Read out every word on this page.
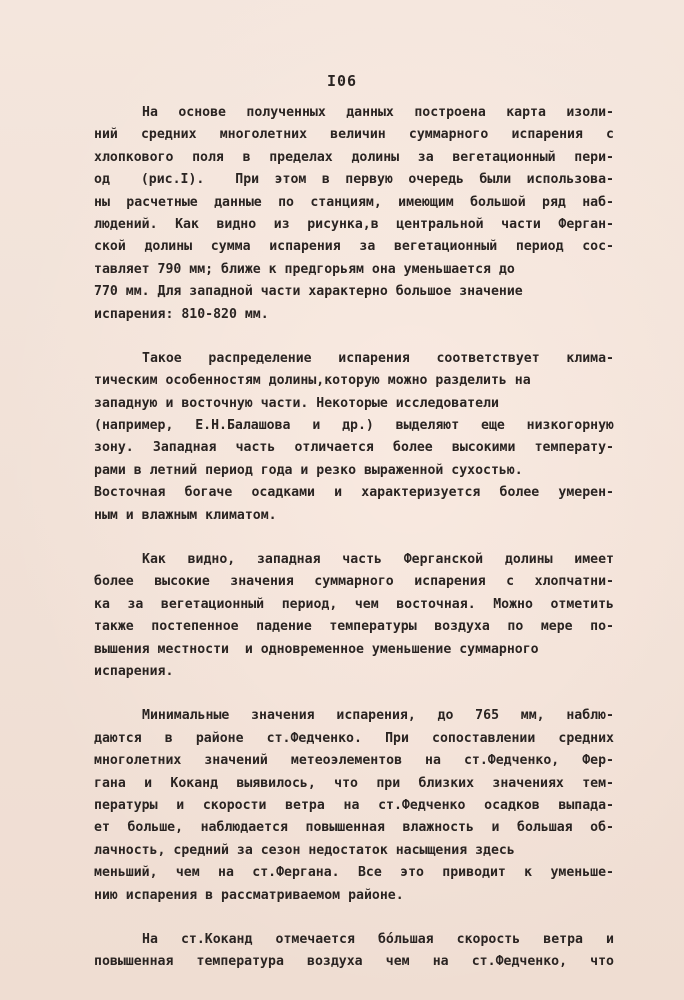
I06
На основе полученных данных построена карта изоли-
ний средних многолетних величин суммарного испарения с
хлопкового поля в пределах долины за вегетационный пери-
од  (рис.I).  При этом в первую очередь были использова-
ны расчетные данные по станциям, имеющим большой ряд наб-
людений. Как видно из рисунка,в центральной части Ферган-
ской долины сумма испарения за вегетационный период сос-
тавляет 790 мм; ближе к предгорьям она уменьшается до
770 мм. Для западной части характерно большое значение
испарения: 810-820 мм.
Такое распределение испарения соответствует клима-
тическим особенностям долины,которую можно разделить на
западную и восточную части. Некоторые исследователи
(например, Е.Н.Балашова и др.) выделяют еще низкогорную
зону. Западная часть отличается более высокими температу-
рами в летний период года и резко выраженной сухостью.
Восточная богаче осадками и характеризуется более умерен-
ным и влажным климатом.
Как видно, западная часть Ферганской долины имеет
более высокие значения суммарного испарения с хлопчатни-
ка за вегетационный период, чем восточная. Можно отметить
также постепенное падение температуры воздуха по мере по-
вышения местности  и одновременное уменьшение суммарного
испарения.
Минимальные значения испарения, до 765 мм, наблю-
даются в районе ст.Федченко. При сопоставлении средних
многолетних значений метеоэлементов на ст.Федченко, Фер-
гана и Коканд выявилось, что при близких значениях тем-
пературы и скорости ветра на ст.Федченко осадков выпада-
ет больше, наблюдается повышенная влажность и большая об-
лачность, средний за сезон недостаток насыщения здесь
меньший, чем на ст.Фергана. Все это приводит к уменьше-
нию испарения в рассматриваемом районе.
На ст.Коканд отмечается бо́льшая скорость ветра и
повышенная температура воздуха чем на ст.Федченко, что
